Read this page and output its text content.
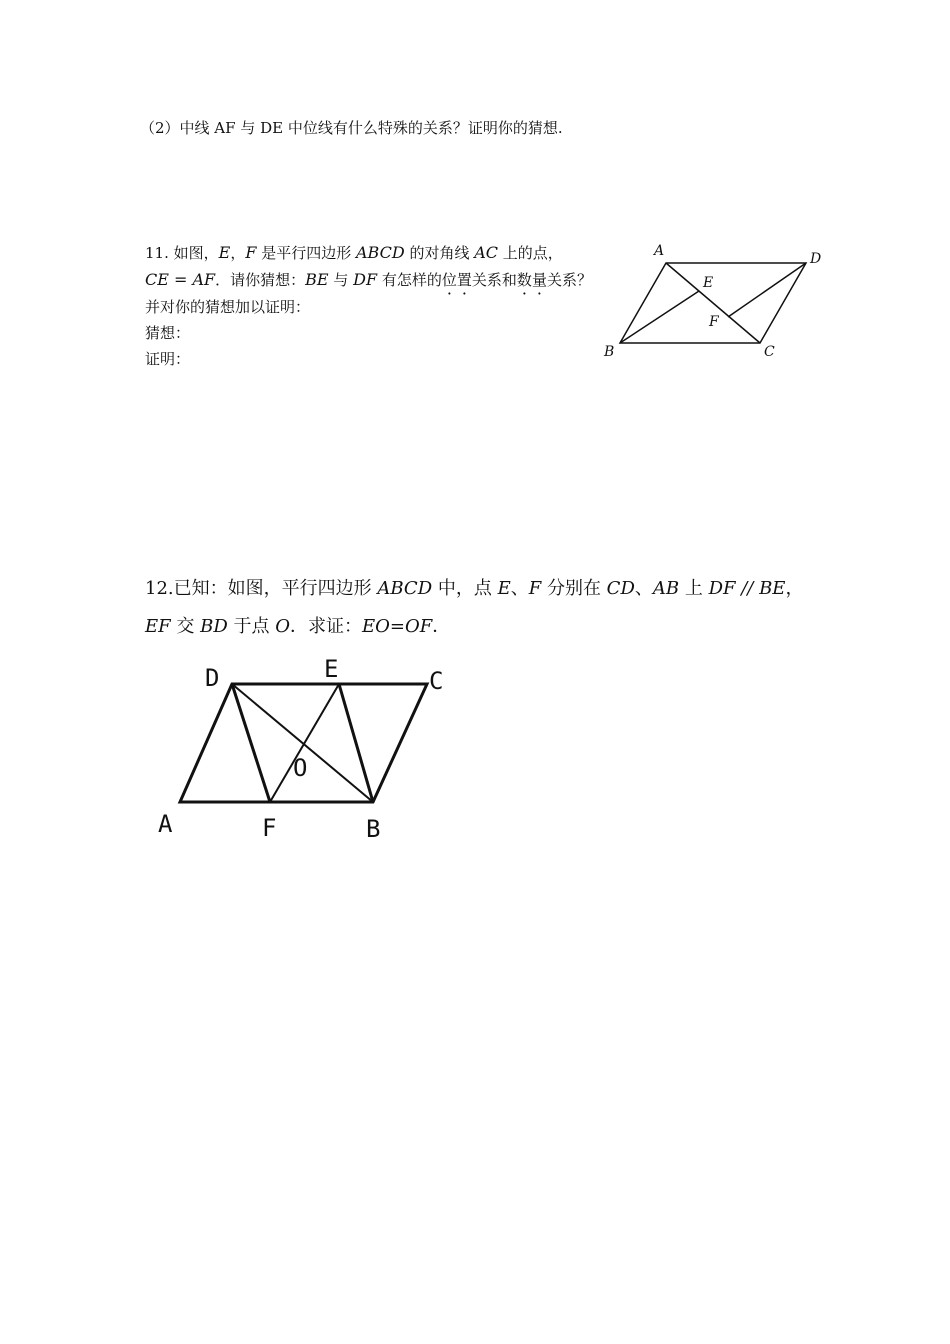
（2）中线 AF 与 DE 中位线有什么特殊的关系？证明你的猜想.
11. 如图，E，F 是平行四边形 ABCD 的对角线 AC 上的点，
CE = AF．请你猜想：BE 与 DF 有怎样的位置关系和数量关系？
并对你的猜想加以证明：
猜想：
证明：
A	D
E
F
B	C
12.已知：如图，平行四边形 ABCD 中，点 E、F 分别在 CD、AB 上 DF // BE，
EF 交 BD 于点 O．求证：EO=OF．
D	E	C
O
A	F	B
